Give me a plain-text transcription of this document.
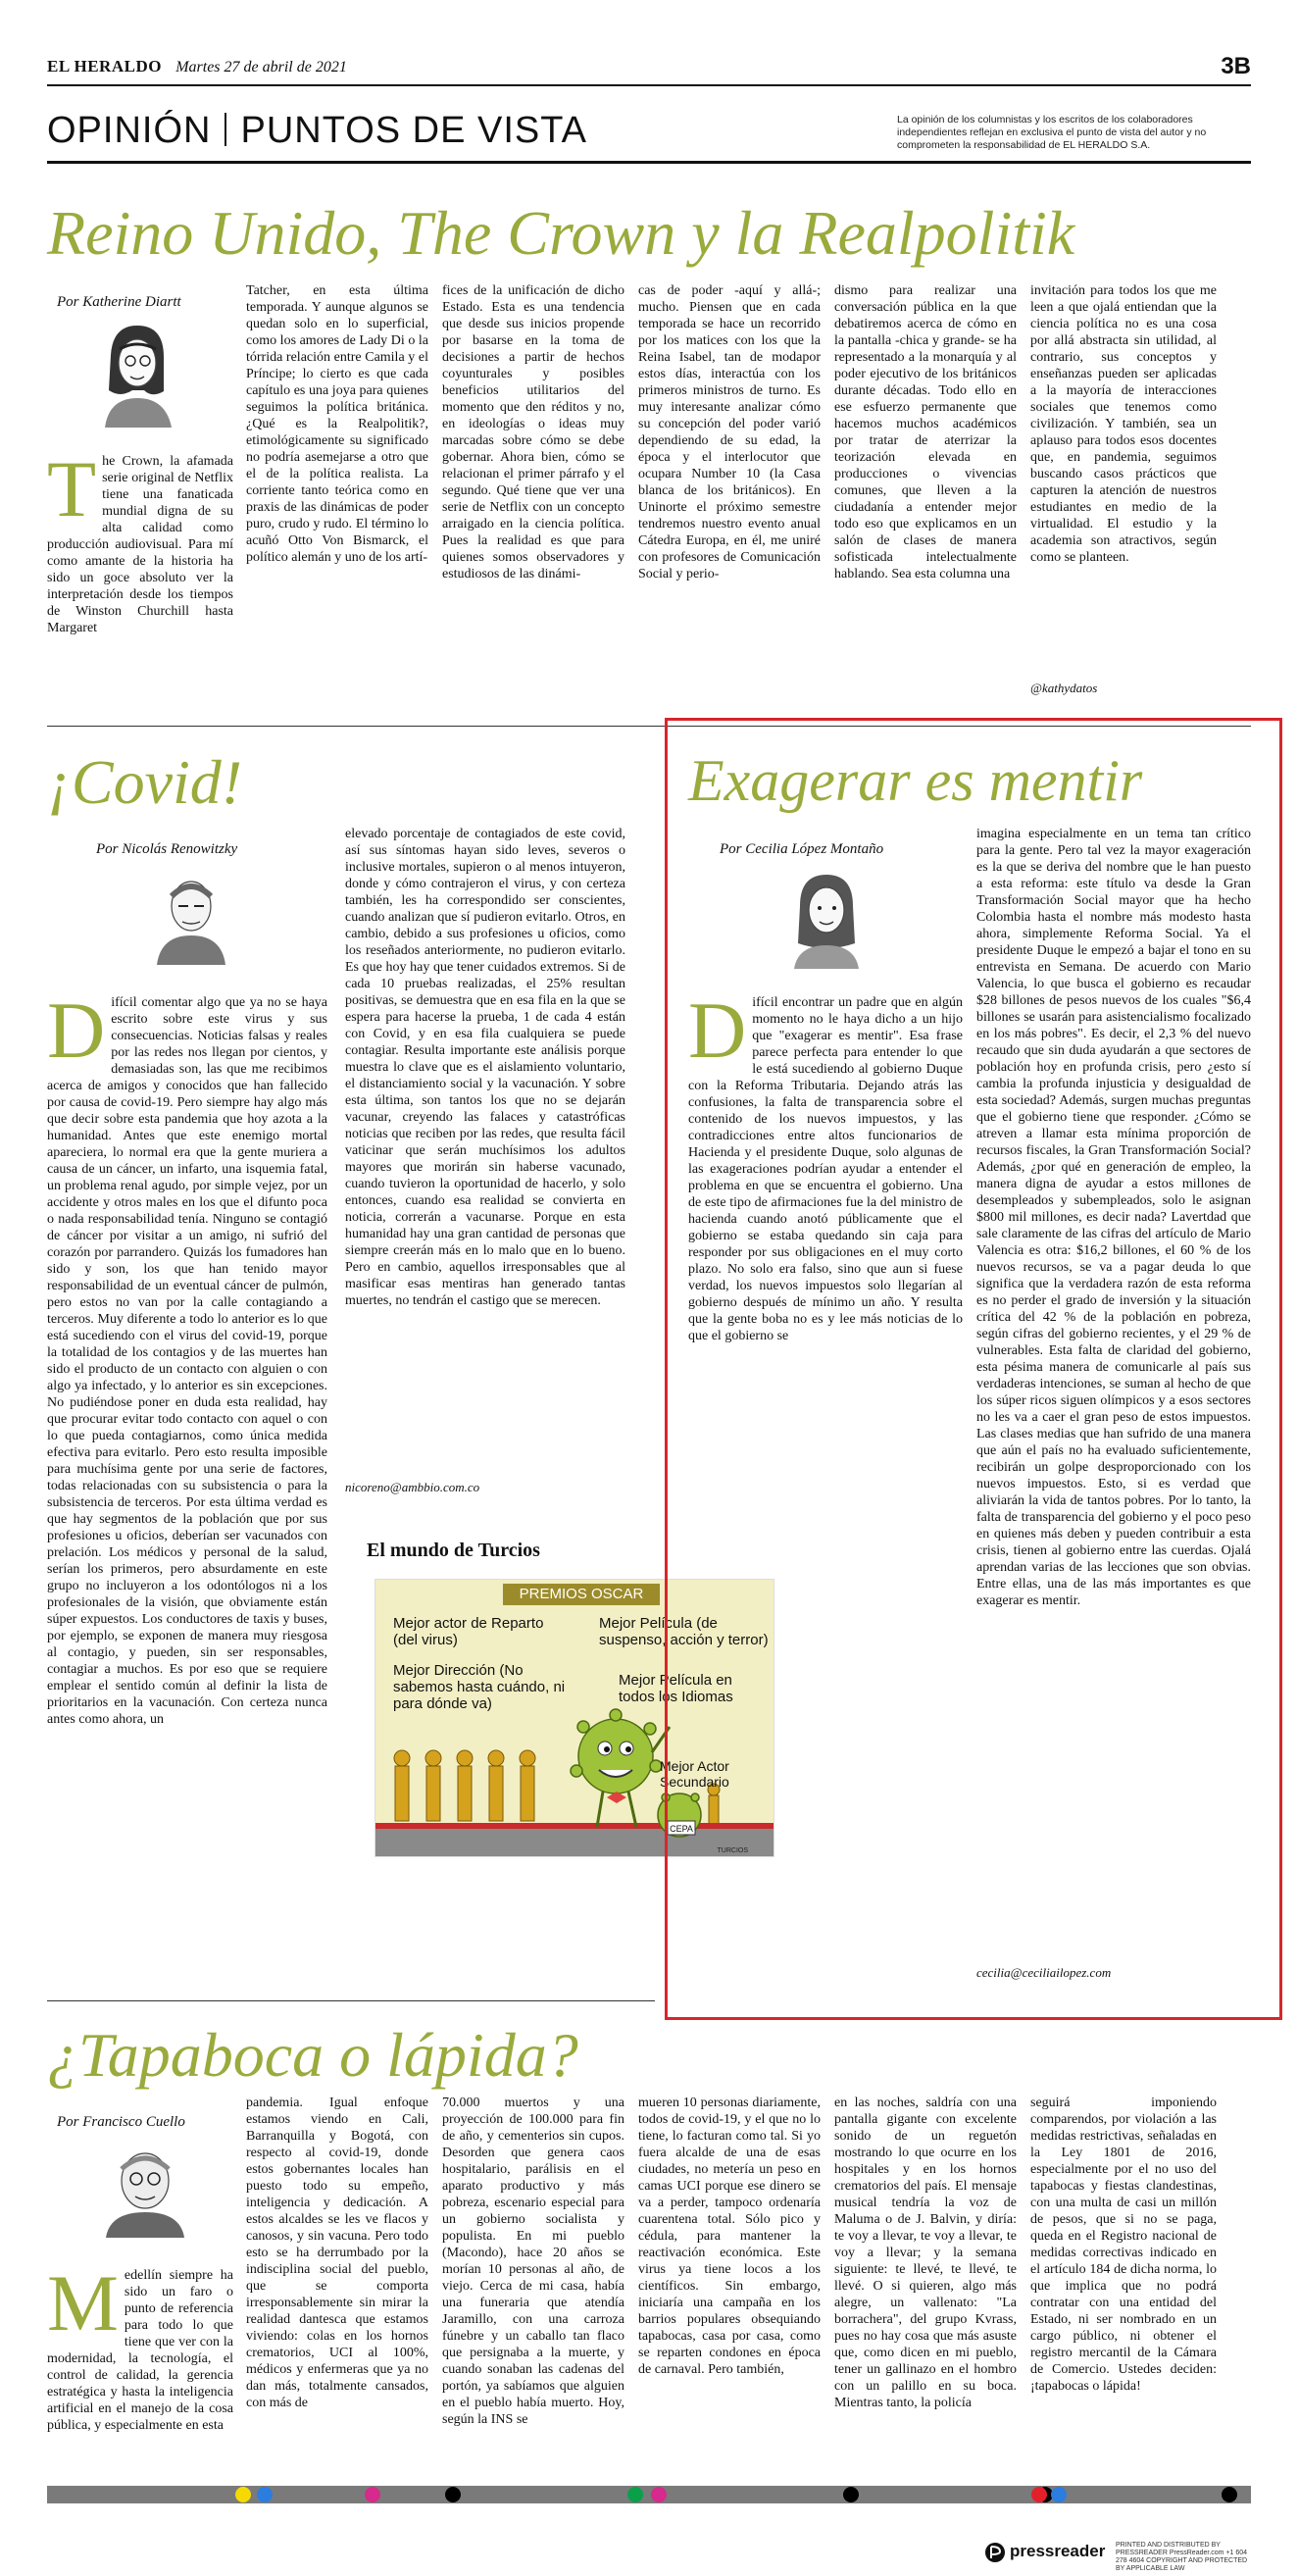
EL HERALDO Martes 27 de abril de 2021	3B
OPINIÓN PUNTOS DE VISTA	La opinión de los columnistas y los escritos de los colaboradores independientes reflejan en exclusiva el punto de vista del autor y no comprometen la responsabilidad de EL HERALDO S.A.
Reino Unido, The Crown y la Realpolitik
Por Katherine Diartt
The Crown, la afamada serie original de Netflix tiene una fanaticada mundial digna de su alta calidad como producción audiovisual. Para mí como amante de la historia ha sido un goce absoluto ver la interpretación desde los tiempos de Winston Churchill hasta Margaret
Tatcher, en esta última temporada. Y aunque algunos se quedan solo en lo superficial, como los amores de Lady Di o la tórrida relación entre Camila y el Príncipe; lo cierto es que cada capítulo es una joya para quienes seguimos la política británica. ¿Qué es la Realpolitik?, etimológicamente su significado no podría asemejarse a otro que el de la política realista. La corriente tanto teórica como en praxis de las dinámicas de poder puro, crudo y rudo. El término lo acuñó Otto Von Bismarck, el político alemán y uno de los artí-
fices de la unificación de dicho Estado. Esta es una tendencia que desde sus inicios propende por basarse en la toma de decisiones a partir de hechos coyunturales y posibles beneficios utilitarios del momento que den réditos y no, en ideologías o ideas muy marcadas sobre cómo se debe gobernar. Ahora bien, cómo se relacionan el primer párrafo y el segundo. Qué tiene que ver una serie de Netflix con un concepto arraigado en la ciencia política. Pues la realidad es que para quienes somos observadores y estudiosos de las dinámi-
cas de poder -aquí y allá-; mucho. Piensen que en cada temporada se hace un recorrido por los matices con los que la Reina Isabel, tan de modapor estos días, interactúa con los primeros ministros de turno. Es muy interesante analizar cómo su concepción del poder varió dependiendo de su edad, la época y el interlocutor que ocupara Number 10 (la Casa blanca de los británicos). En Uninorte el próximo semestre tendremos nuestro evento anual Cátedra Europa, en él, me uniré con profesores de Comunicación Social y perio-
dismo para realizar una conversación pública en la que debatiremos acerca de cómo en la pantalla -chica y grande- se ha representado a la monarquía y al poder ejecutivo de los británicos durante décadas. Todo ello en ese esfuerzo permanente que hacemos muchos académicos por tratar de aterrizar la teorización elevada en producciones o vivencias comunes, que lleven a la ciudadanía a entender mejor todo eso que explicamos en un salón de clases de manera sofisticada intelectualmente hablando. Sea esta columna una
invitación para todos los que me leen a que ojalá entiendan que la ciencia política no es una cosa por allá abstracta sin utilidad, al contrario, sus conceptos y enseñanzas pueden ser aplicadas a la mayoría de interacciones sociales que tenemos como civilización. Y también, sea un aplauso para todos esos docentes que, en pandemia, seguimos buscando casos prácticos que capturen la atención de nuestros estudiantes en medio de la virtualidad. El estudio y la academia son atractivos, según como se planteen.
@kathydatos
¡Covid!
Por Nicolás Renowitzky
Difícil comentar algo que ya no se haya escrito sobre este virus y sus consecuencias. Noticias falsas y reales por las redes nos llegan por cientos, y demasiadas son, las que me recibimos acerca de amigos y conocidos que han fallecido por causa de covid-19. Pero siempre hay algo más que decir sobre esta pandemia que hoy azota a la humanidad. Antes que este enemigo mortal apareciera, lo normal era que la gente muriera a causa de un cáncer, un infarto, una isquemia fatal, un problema renal agudo, por simple vejez, por un accidente y otros males en los que el difunto poca o nada responsabilidad tenía. Ninguno se contagió de cáncer por visitar a un amigo, ni sufrió del corazón por parrandero. Quizás los fumadores han sido y son, los que han tenido mayor responsabilidad de un eventual cáncer de pulmón, pero estos no van por la calle contagiando a terceros. Muy diferente a todo lo anterior es lo que está sucediendo con el virus del covid-19, porque la totalidad de los contagios y de las muertes han sido el producto de un contacto con alguien o con algo ya infectado, y lo anterior es sin excepciones. No pudiéndose poner en duda esta realidad, hay que procurar evitar todo contacto con aquel o con lo que pueda contagiarnos, como única medida efectiva para evitarlo. Pero esto resulta imposible para muchísima gente por una serie de factores, todas relacionadas con su subsistencia o para la subsistencia de terceros. Por esta última verdad es que hay segmentos de la población que por sus profesiones u oficios, deberían ser vacunados con prelación. Los médicos y personal de la salud, serían los primeros, pero absurdamente en este grupo no incluyeron a los odontólogos ni a los profesionales de la visión, que obviamente están súper expuestos. Los conductores de taxis y buses, por ejemplo, se exponen de manera muy riesgosa al contagio, y pueden, sin ser responsables, contagiar a muchos. Es por eso que se requiere emplear el sentido común al definir la lista de prioritarios en la vacunación. Con certeza nunca antes como ahora, un
elevado porcentaje de contagiados de este covid, así sus síntomas hayan sido leves, severos o inclusive mortales, supieron o al menos intuyeron, donde y cómo contrajeron el virus, y con certeza también, les ha correspondido ser conscientes, cuando analizan que sí pudieron evitarlo. Otros, en cambio, debido a sus profesiones u oficios, como los reseñados anteriormente, no pudieron evitarlo. Es que hoy hay que tener cuidados extremos. Si de cada 10 pruebas realizadas, el 25% resultan positivas, se demuestra que en esa fila en la que se espera para hacerse la prueba, 1 de cada 4 están con Covid, y en esa fila cualquiera se puede contagiar. Resulta importante este análisis porque muestra lo clave que es el aislamiento voluntario, el distanciamiento social y la vacunación. Y sobre esta última, son tantos los que no se dejarán vacunar, creyendo las falaces y catastróficas noticias que reciben por las redes, que resulta fácil vaticinar que serán muchísimos los adultos mayores que morirán sin haberse vacunado, cuando tuvieron la oportunidad de hacerlo, y solo entonces, cuando esa realidad se convierta en noticia, correrán a vacunarse. Porque en esta humanidad hay una gran cantidad de personas que siempre creerán más en lo malo que en lo bueno. Pero en cambio, aquellos irresponsables que al masificar esas mentiras han generado tantas muertes, no tendrán el castigo que se merecen.
nicoreno@ambbio.com.co
El mundo de Turcios
PREMIOS OSCAR
CEPA
TURCIOS
Mejor actor de Reparto (del virus)
Mejor Película (de suspenso, acción y terror)
Mejor Dirección (No sabemos hasta cuándo, ni para dónde va)
Mejor Película en todos los Idiomas
Mejor Actor Secundario
Exagerar es mentir
Por Cecilia López Montaño
Difícil encontrar un padre que en algún momento no le haya dicho a un hijo que "exagerar es mentir". Esa frase parece perfecta para entender lo que le está sucediendo al gobierno Duque con la Reforma Tributaria. Dejando atrás las confusiones, la falta de transparencia sobre el contenido de los nuevos impuestos, y las contradicciones entre altos funcionarios de Hacienda y el presidente Duque, solo algunas de las exageraciones podrían ayudar a entender el problema en que se encuentra el gobierno. Una de este tipo de afirmaciones fue la del ministro de hacienda cuando anotó públicamente que el gobierno se estaba quedando sin caja para responder por sus obligaciones en el muy corto plazo. No solo era falso, sino que aun si fuese verdad, los nuevos impuestos solo llegarían al gobierno después de mínimo un año. Y resulta que la gente boba no es y lee más noticias de lo que el gobierno se
imagina especialmente en un tema tan crítico para la gente. Pero tal vez la mayor exageración es la que se deriva del nombre que le han puesto a esta reforma: este título va desde la Gran Transformación Social mayor que ha hecho Colombia hasta el nombre más modesto hasta ahora, simplemente Reforma Social. Ya el presidente Duque le empezó a bajar el tono en su entrevista en Semana. De acuerdo con Mario Valencia, lo que busca el gobierno es recaudar $28 billones de pesos nuevos de los cuales "$6,4 billones se usarán para asistencialismo focalizado en los más pobres". Es decir, el 2,3 % del nuevo recaudo que sin duda ayudarán a que sectores de población hoy en profunda crisis, pero ¿esto sí cambia la profunda injusticia y desigualdad de esta sociedad? Además, surgen muchas preguntas que el gobierno tiene que responder. ¿Cómo se atreven a llamar esta mínima proporción de recursos fiscales, la Gran Transformación Social? Además, ¿por qué en generación de empleo, la manera digna de ayudar a estos millones de desempleados y subempleados, solo le asignan $800 mil millones, es decir nada? Lavertdad que sale claramente de las cifras del artículo de Mario Valencia es otra: $16,2 billones, el 60 % de los nuevos recursos, se va a pagar deuda lo que significa que la verdadera razón de esta reforma es no perder el grado de inversión y la situación crítica del 42 % de la población en pobreza, según cifras del gobierno recientes, y el 29 % de vulnerables. Esta falta de claridad del gobierno, esta pésima manera de comunicarle al país sus verdaderas intenciones, se suman al hecho de que los súper ricos siguen olímpicos y a esos sectores no les va a caer el gran peso de estos impuestos. Las clases medias que han sufrido de una manera que aún el país no ha evaluado suficientemente, recibirán un golpe desproporcionado con los nuevos impuestos. Esto, si es verdad que aliviarán la vida de tantos pobres. Por lo tanto, la falta de transparencia del gobierno y el poco peso en quienes más deben y pueden contribuir a esta crisis, tienen al gobierno entre las cuerdas. Ojalá aprendan varias de las lecciones que son obvias. Entre ellas, una de las más importantes es que exagerar es mentir.
cecilia@ceciliailopez.com
¿Tapaboca o lápida?
Por Francisco Cuello
Medellín siempre ha sido un faro o punto de referencia para todo lo que tiene que ver con la modernidad, la tecnología, el control de calidad, la gerencia estratégica y hasta la inteligencia artificial en el manejo de la cosa pública, y especialmente en esta
pandemia. Igual enfoque estamos viendo en Cali, Barranquilla y Bogotá, con respecto al covid-19, donde estos gobernantes locales han puesto todo su empeño, inteligencia y dedicación. A estos alcaldes se les ve flacos y canosos, y sin vacuna. Pero todo esto se ha derrumbado por la indisciplina social del pueblo, que se comporta irresponsablemente sin mirar la realidad dantesca que estamos viviendo: colas en los hornos crematorios, UCI al 100%, médicos y enfermeras que ya no dan más, totalmente cansados, con más de
70.000 muertos y una proyección de 100.000 para fin de año, y cementerios sin cupos. Desorden que genera caos hospitalario, parálisis en el aparato productivo y más pobreza, escenario especial para un gobierno socialista y populista. En mi pueblo (Macondo), hace 20 años se morían 10 personas al año, de viejo. Cerca de mi casa, había una funeraria que atendía Jaramillo, con una carroza fúnebre y un caballo tan flaco que persignaba a la muerte, y cuando sonaban las cadenas del portón, ya sabíamos que alguien en el pueblo había muerto. Hoy, según la INS se
mueren 10 personas diariamente, todos de covid-19, y el que no lo tiene, lo facturan como tal. Si yo fuera alcalde de una de esas ciudades, no metería un peso en camas UCI porque ese dinero se va a perder, tampoco ordenaría cuarentena total. Sólo pico y cédula, para mantener la reactivación económica. Este virus ya tiene locos a los científicos. Sin embargo, iniciaría una campaña en los barrios populares obsequiando tapabocas, casa por casa, como se reparten condones en época de carnaval. Pero también,
en las noches, saldría con una pantalla gigante con excelente sonido de un reguetón mostrando lo que ocurre en los hospitales y en los hornos crematorios del país. El mensaje musical tendría la voz de Maluma o de J. Balvin, y diría: te voy a llevar, te voy a llevar, te voy a llevar; y la semana siguiente: te llevé, te llevé, te llevé. O si quieren, algo más alegre, un vallenato: "La borrachera", del grupo Kvrass, pues no hay cosa que más asuste que, como dicen en mi pueblo, tener un gallinazo en el hombro con un palillo en su boca. Mientras tanto, la policía
seguirá imponiendo comparendos, por violación a las medidas restrictivas, señaladas en la Ley 1801 de 2016, especialmente por el no uso del tapabocas y fiestas clandestinas, con una multa de casi un millón de pesos, que si no se paga, queda en el Registro nacional de medidas correctivas indicado en el artículo 184 de dicha norma, lo que implica que no podrá contratar con una entidad del Estado, ni ser nombrado en un cargo público, ni obtener el registro mercantil de la Cámara de Comercio. Ustedes deciden: ¡tapabocas o lápida!
pressreader PRINTED AND DISTRIBUTED BY PRESSREADER PressReader.com +1 604 278 4604 COPYRIGHT AND PROTECTED BY APPLICABLE LAW
